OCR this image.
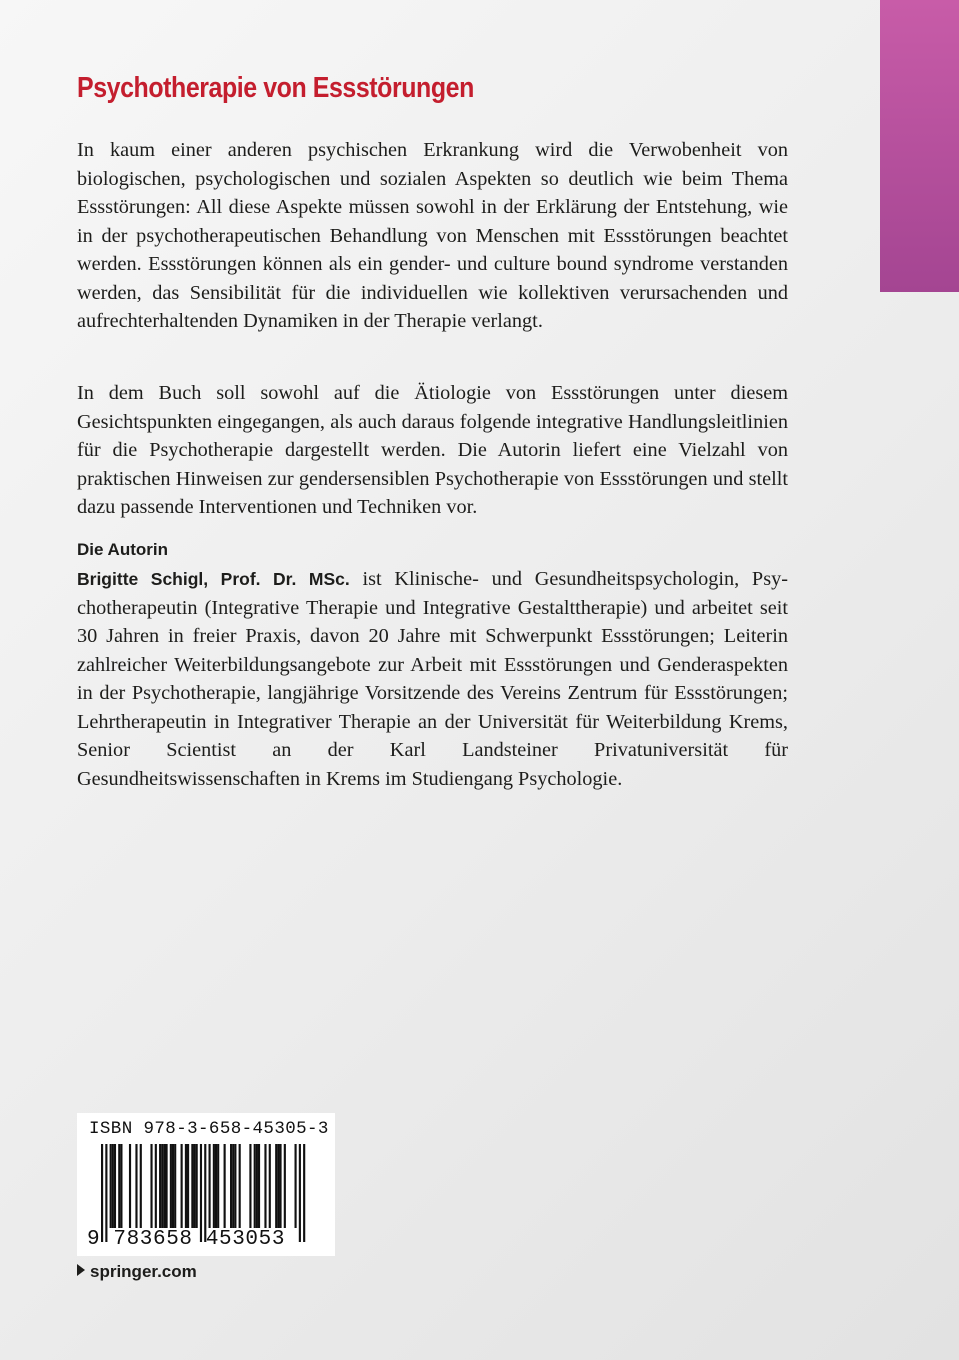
Psychotherapie von Essstörungen

In kaum einer anderen psychischen Erkrankung wird die Verwobenheit von biologischen, psychologischen und sozialen Aspekten so deutlich wie beim Thema Essstörungen: All diese Aspekte müssen sowohl in der Erklärung der Entstehung, wie in der psychotherapeutischen Behandlung von Menschen mit Essstörungen beachtet werden. Essstörungen können als ein gender- und culture bound syndrome verstanden werden, das Sensibilität für die individuellen wie kollektiven verursachenden und aufrechterhaltenden Dynamiken in der Therapie verlangt.

In dem Buch soll sowohl auf die Ätiologie von Essstörungen unter diesem Gesichtspunkten eingegangen, als auch daraus folgende integrative Handlungsleitlinien für die Psychotherapie dargestellt werden. Die Autorin liefert eine Vielzahl von praktischen Hinweisen zur gendersensiblen Psychotherapie von Essstörungen und stellt dazu passende Interventionen und Techniken vor.

Die Autorin

Brigitte Schigl, Prof. Dr. MSc. ist Klinische- und Gesundheitspsychologin, Psychotherapeutin (Integrative Therapie und Integrative Gestalttherapie) und arbeitet seit 30 Jahren in freier Praxis, davon 20 Jahre mit Schwerpunkt Essstörungen; Leiterin zahlreicher Weiterbildungsangebote zur Arbeit mit Essstörungen und Genderaspekten in der Psychotherapie, langjährige Vorsitzende des Vereins Zentrum für Essstörungen; Lehrtherapeutin in Integrativer Therapie an der Universität für Weiterbildung Krems, Senior Scientist an der Karl Landsteiner Privatuniversität für Gesundheitswissenschaften in Krems im Studiengang Psychologie.

ISBN 978-3-658-45305-3
9 783658 453053
springer.com
